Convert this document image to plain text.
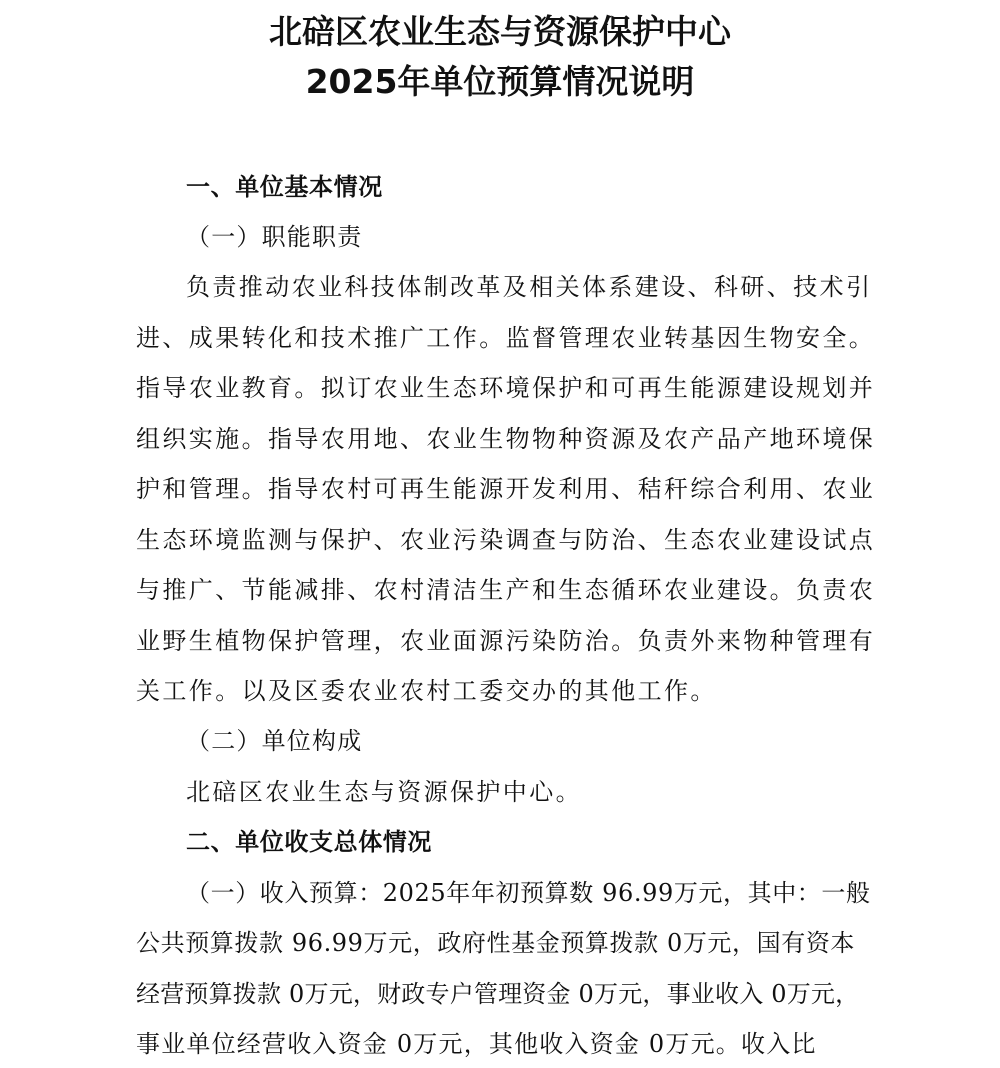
北碚区农业生态与资源保护中心
2025年单位预算情况说明
一、单位基本情况
（一）职能职责
负责推动农业科技体制改革及相关体系建设、科研、技术引
进、成果转化和技术推广工作。监督管理农业转基因生物安全。
指导农业教育。拟订农业生态环境保护和可再生能源建设规划并
组织实施。指导农用地、农业生物物种资源及农产品产地环境保
护和管理。指导农村可再生能源开发利用、秸秆综合利用、农业
生态环境监测与保护、农业污染调查与防治、生态农业建设试点
与推广、节能减排、农村清洁生产和生态循环农业建设。负责农
业野生植物保护管理，农业面源污染防治。负责外来物种管理有
关工作。以及区委农业农村工委交办的其他工作。
（二）单位构成
北碚区农业生态与资源保护中心。
二、单位收支总体情况
（一）收入预算：2025年年初预算数 96.99万元，其中：一般
公共预算拨款 96.99万元，政府性基金预算拨款 0万元，国有资本
经营预算拨款 0万元，财政专户管理资金 0万元，事业收入 0万元，
事业单位经营收入资金 0万元，其他收入资金 0万元。收入比
